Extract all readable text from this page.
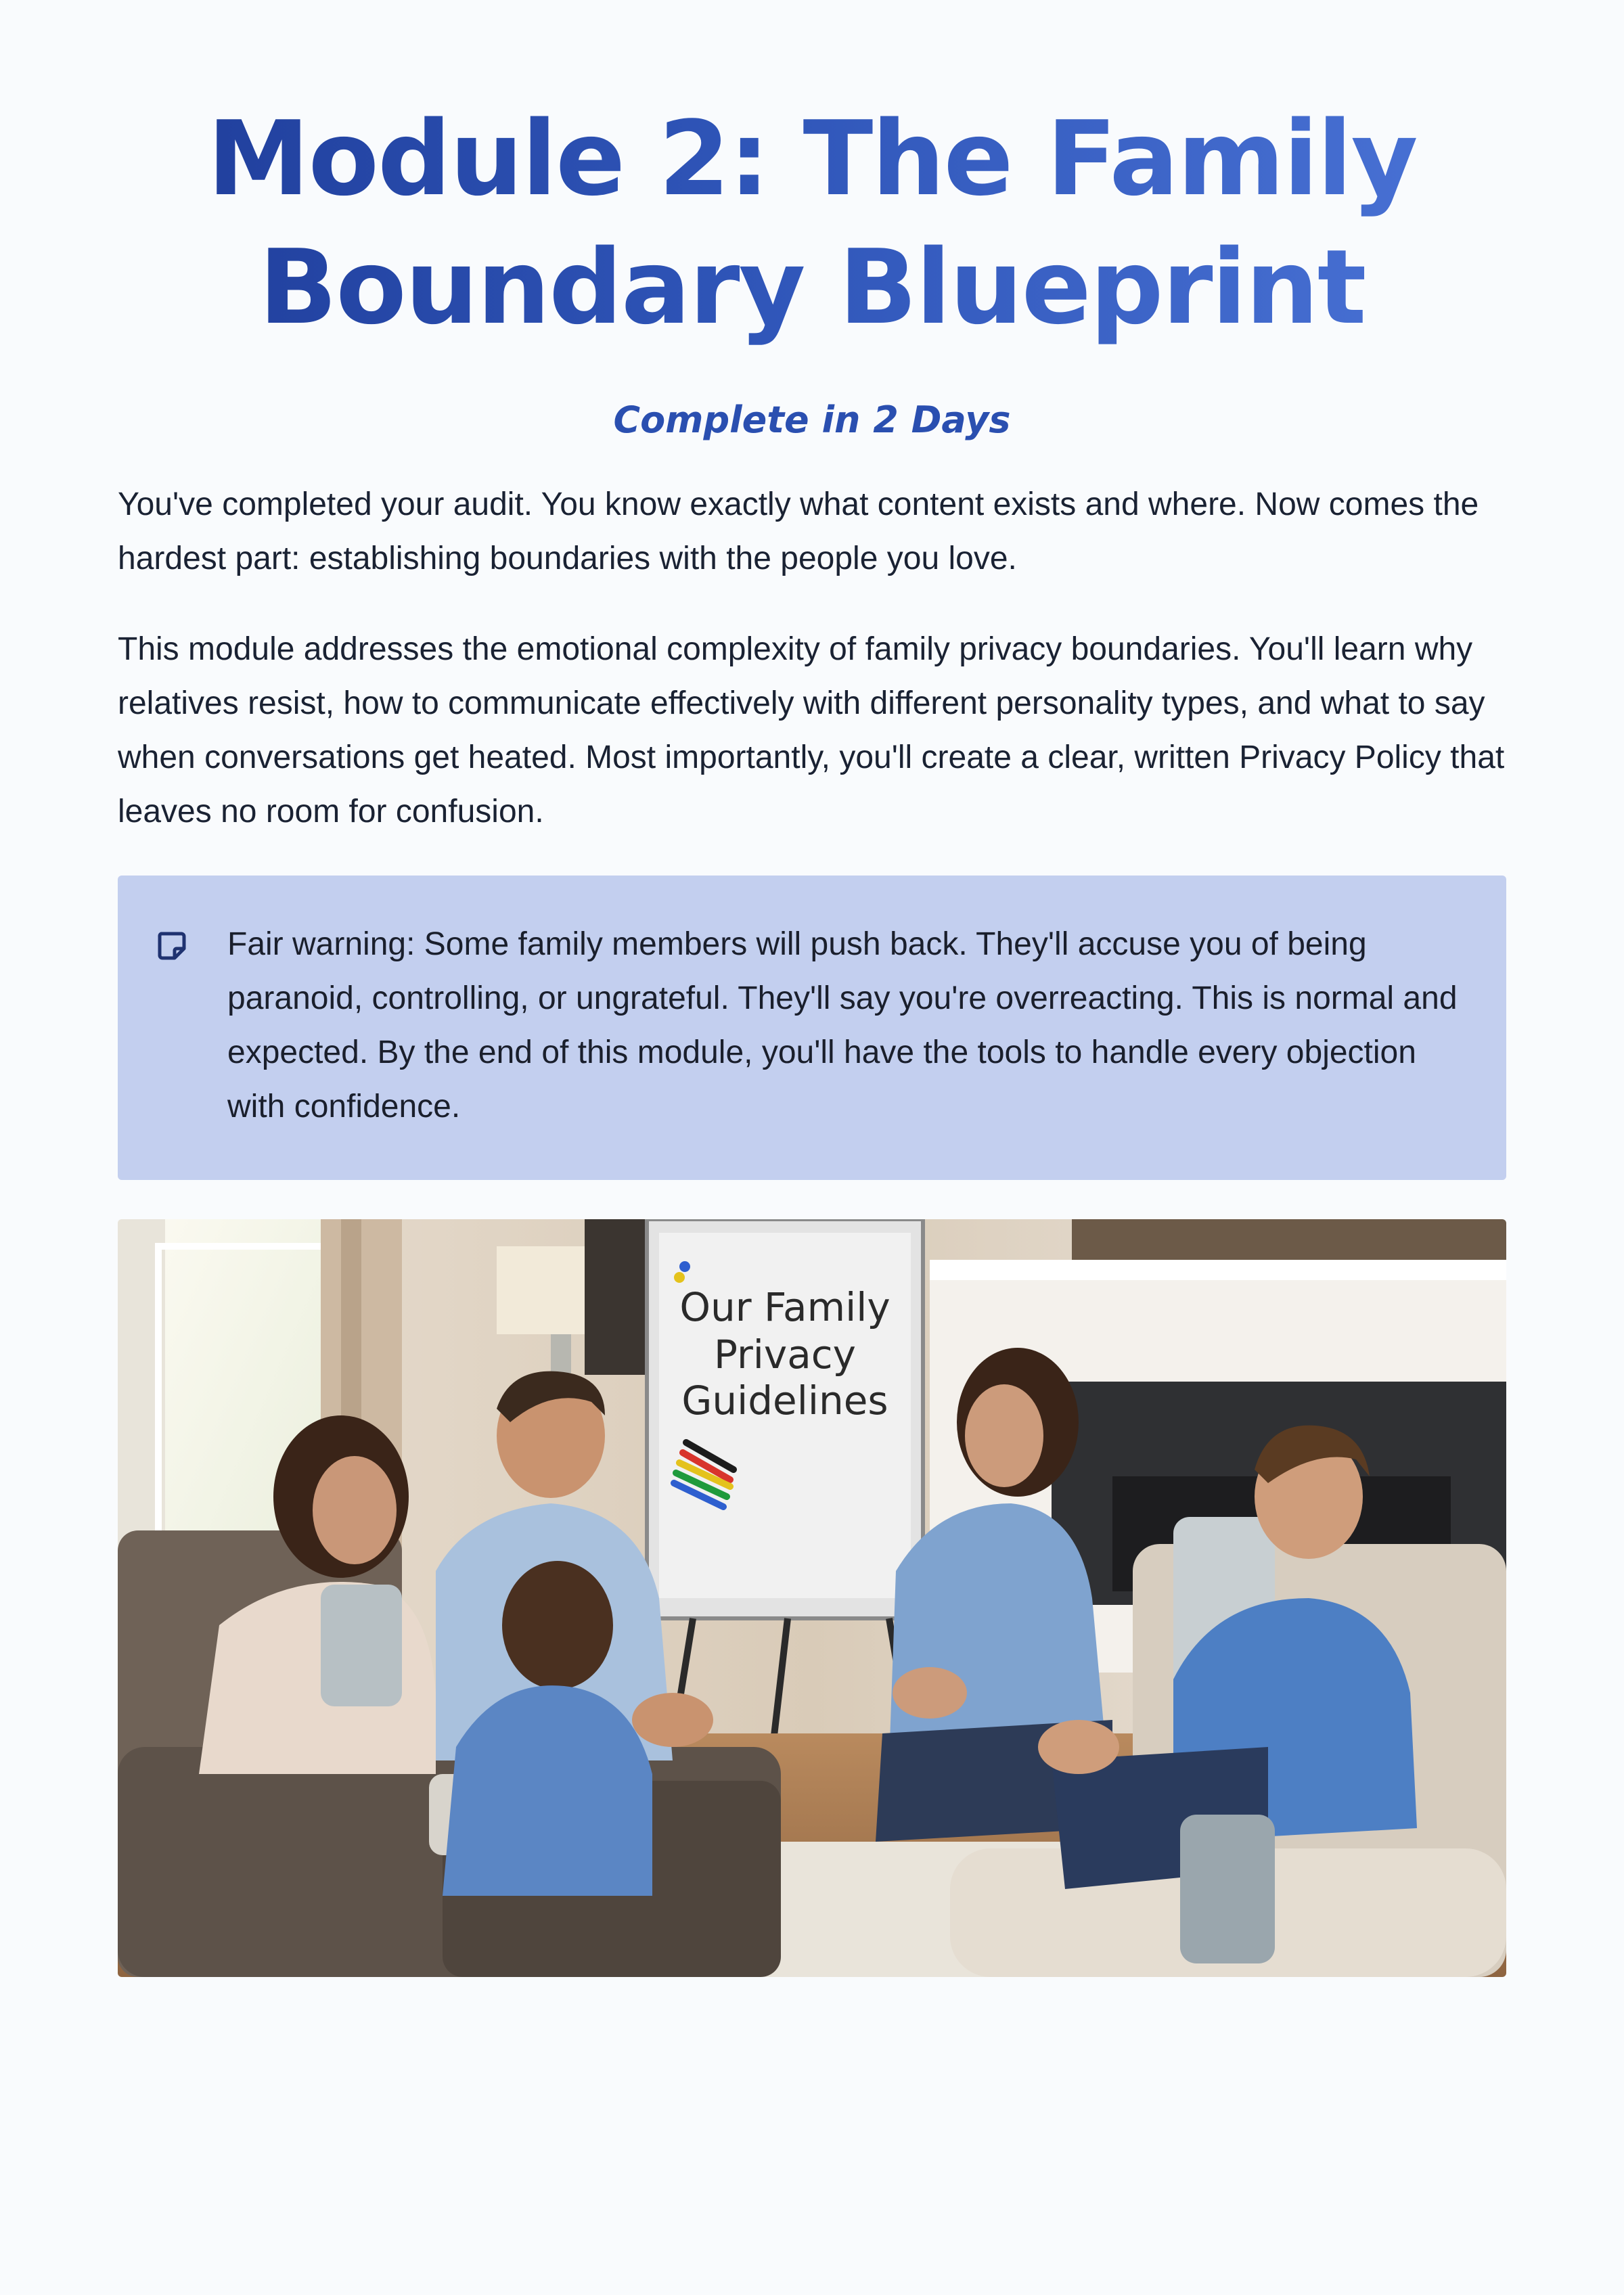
Module 2: The Family Boundary Blueprint
Complete in 2 Days

You've completed your audit. You know exactly what content exists and where. Now comes the hardest part: establishing boundaries with the people you love.

This module addresses the emotional complexity of family privacy boundaries. You'll learn why relatives resist, how to communicate effectively with different personality types, and what to say when conversations get heated. Most importantly, you'll create a clear, written Privacy Policy that leaves no room for confusion.

Fair warning: Some family members will push back. They'll accuse you of being paranoid, controlling, or ungrateful. They'll say you're overreacting. This is normal and expected. By the end of this module, you'll have the tools to handle every objection with confidence.

Our Family
Privacy
Guidelines
